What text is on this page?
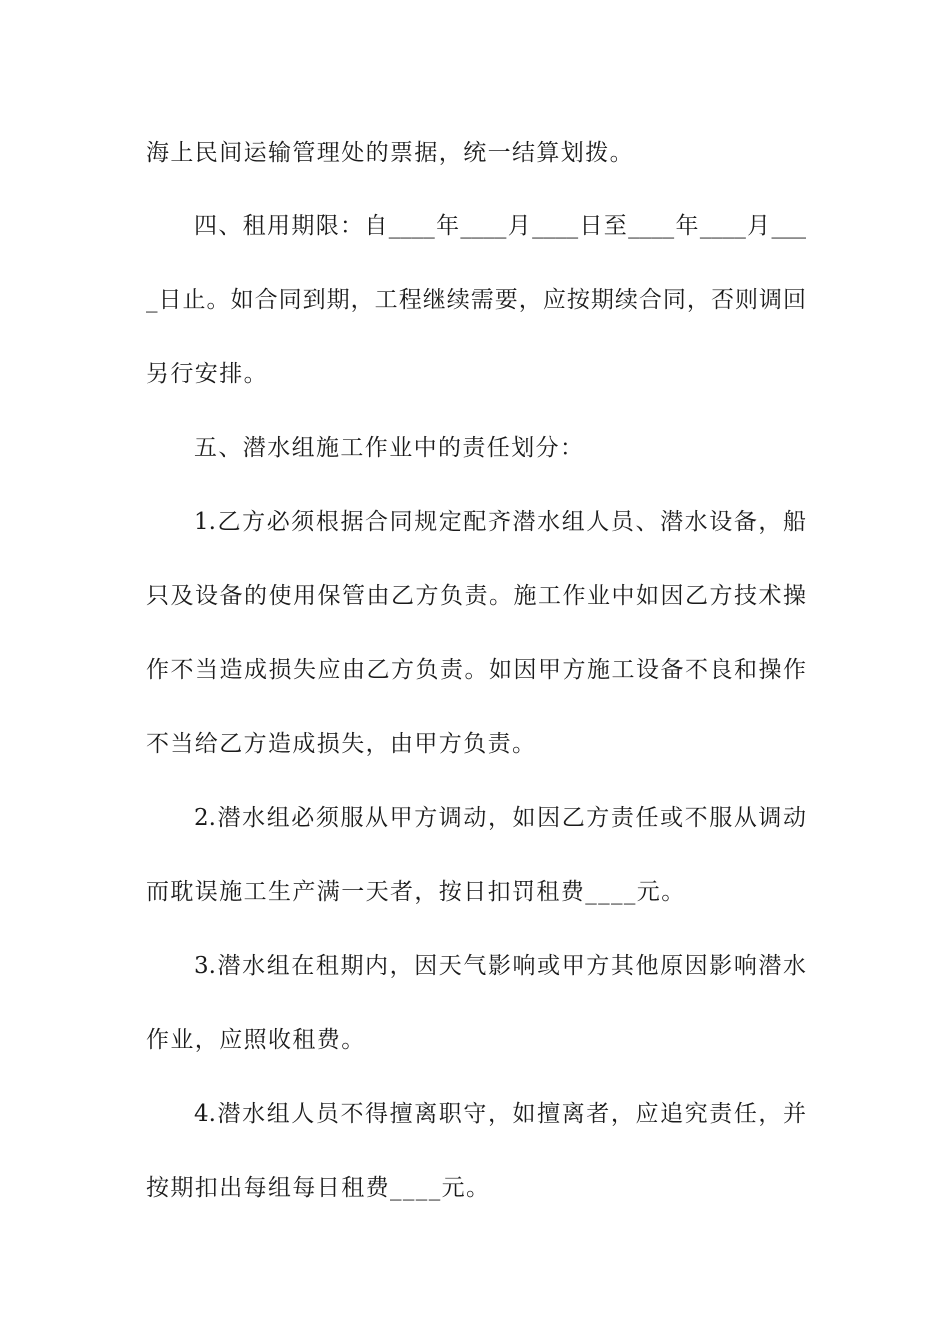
海上民间运输管理处的票据，统一结算划拨。
四、租用期限：自____年____月____日至____年____月___
_日止。如合同到期，工程继续需要，应按期续合同，否则调回
另行安排。
五、潜水组施工作业中的责任划分：
1.乙方必须根据合同规定配齐潜水组人员、潜水设备，船
只及设备的使用保管由乙方负责。施工作业中如因乙方技术操
作不当造成损失应由乙方负责。如因甲方施工设备不良和操作
不当给乙方造成损失，由甲方负责。
2.潜水组必须服从甲方调动，如因乙方责任或不服从调动
而耽误施工生产满一天者，按日扣罚租费____元。
3.潜水组在租期内，因天气影响或甲方其他原因影响潜水
作业，应照收租费。
4.潜水组人员不得擅离职守，如擅离者，应追究责任，并
按期扣出每组每日租费____元。
